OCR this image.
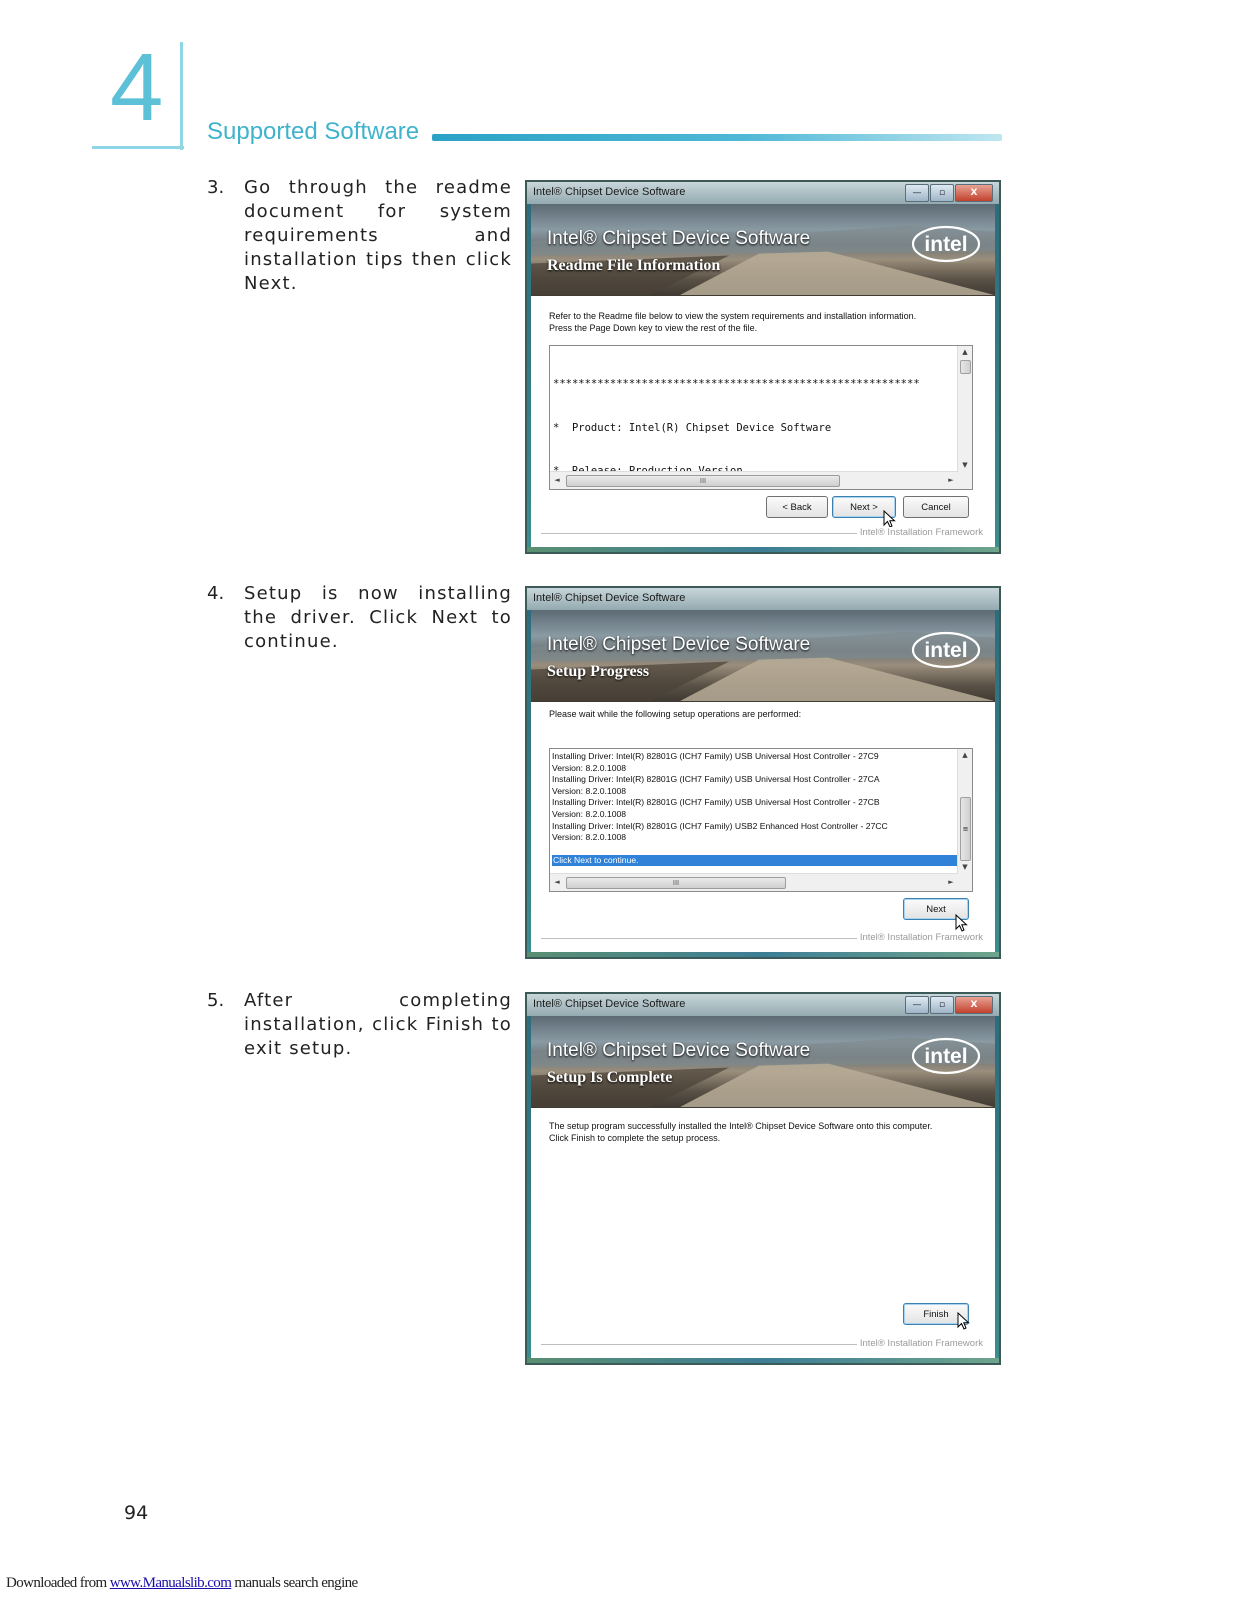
4 Supported Software
3. Go through the readme document for system requirements and installation tips then click Next.
4. Setup is now installing the driver. Click Next to continue.
5. After completing installation, click Finish to exit setup.
Intel® Chipset Device Software	—	▫	X
Intel® Chipset Device Software
Readme File Information
intel
Refer to the Readme file below to view the system requirements and installation information.
Press the Page Down key to view the rest of the file.

**********************************************************

*  Product: Intel(R) Chipset Device Software

▲
▼
◄	III	►
< Back	Next >	Cancel
Intel® Installation Framework
Intel® Chipset Device Software
Intel® Chipset Device Software
Setup Progress
intel
Please wait while the following setup operations are performed:
Installing Driver: Intel(R) 82801G (ICH7 Family) USB Universal Host Controller - 27C9
Version: 8.2.0.1008
Installing Driver: Intel(R) 82801G (ICH7 Family) USB Universal Host Controller - 27CA
Version: 8.2.0.1008
Installing Driver: Intel(R) 82801G (ICH7 Family) USB Universal Host Controller - 27CB
Version: 8.2.0.1008
Installing Driver: Intel(R) 82801G (ICH7 Family) USB2 Enhanced Host Controller - 27CC
Version: 8.2.0.1008
Click Next to continue.
▲
≡
▼
◄	III	►
Next
Intel® Installation Framework
Intel® Chipset Device Software	—	▫	X
Intel® Chipset Device Software
Setup Is Complete
intel
The setup program successfully installed the Intel® Chipset Device Software onto this computer.
Click Finish to complete the setup process.
Finish
Intel® Installation Framework
94
Downloaded from www.Manualslib.com manuals search engine
